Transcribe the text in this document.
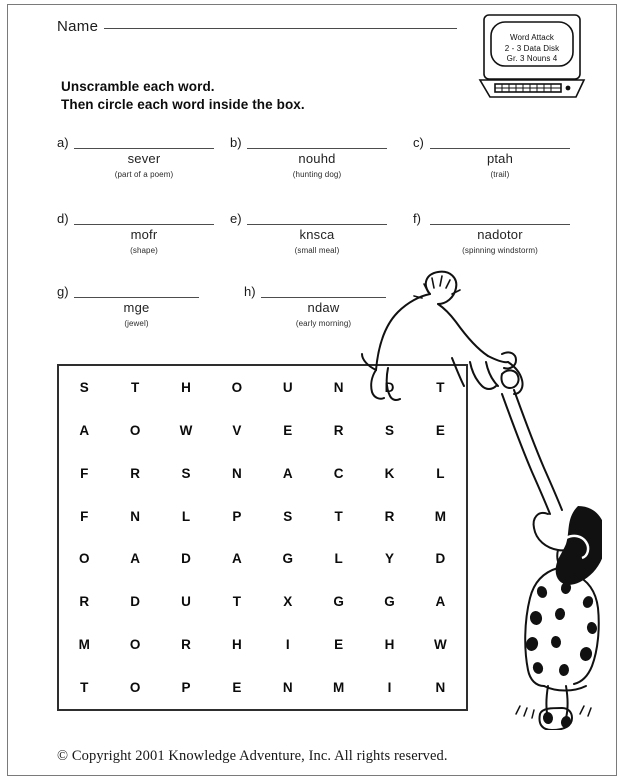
Name
Word Attack
2 - 3 Data Disk
Gr. 3 Nouns 4
Unscramble each word.
Then circle each word inside the box.
a)
sever
(part of a poem)
b)
nouhd
(hunting dog)
c)
ptah
(trail)
d)
mofr
(shape)
e)
knsca
(small meal)
f)
nadotor
(spinning windstorm)
g)
mge
(jewel)
h)
ndaw
(early morning)
S	T	H	O	U	N	D	T
A	O	W	V	E	R	S	E
F	R	S	N	A	C	K	L
F	N	L	P	S	T	R	M
O	A	D	A	G	L	Y	D
R	D	U	T	X	G	G	A
M	O	R	H	I	E	H	W
T	O	P	E	N	M	I	N
© Copyright 2001 Knowledge Adventure, Inc. All rights reserved.
